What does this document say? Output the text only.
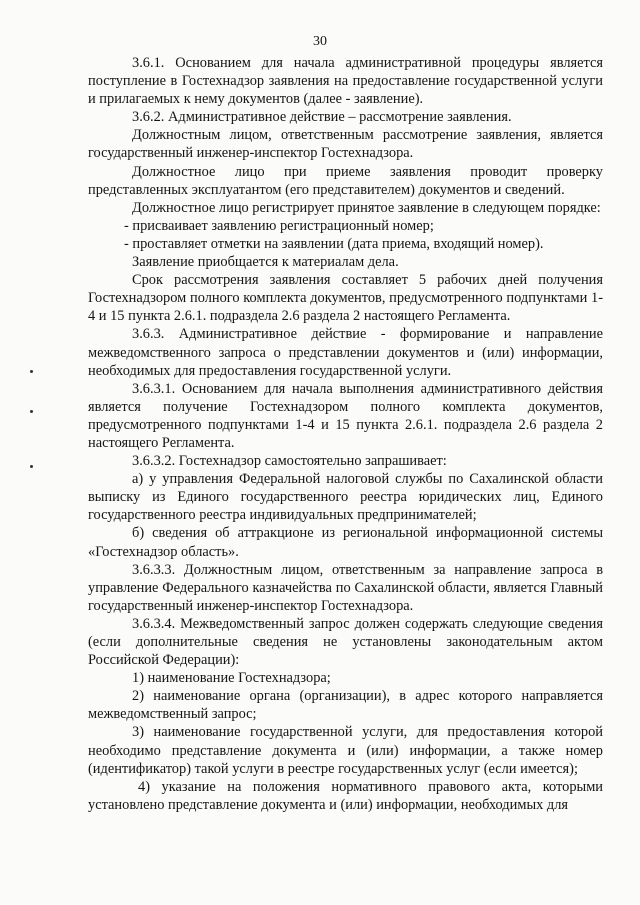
30

3.6.1. Основанием для начала административной процедуры является поступление в Гостехнадзор заявления на предоставление государственной услуги и прилагаемых к нему документов (далее - заявление).

3.6.2. Административное действие – рассмотрение заявления.

Должностным лицом, ответственным рассмотрение заявления, является государственный инженер-инспектор Гостехнадзора.

Должностное лицо при приеме заявления проводит проверку представленных эксплуатантом (его представителем) документов и сведений.

Должностное лицо регистрирует принятое заявление в следующем порядке:

- присваивает заявлению регистрационный номер;

- проставляет отметки на заявлении (дата приема, входящий номер).

Заявление приобщается к материалам дела.

Срок рассмотрения заявления составляет 5 рабочих дней получения Гостехнадзором полного комплекта документов, предусмотренного подпунктами 1-4 и 15 пункта 2.6.1. подраздела 2.6 раздела 2 настоящего Регламента.

3.6.3. Административное действие - формирование и направление межведомственного запроса о представлении документов и (или) информации, необходимых для предоставления государственной услуги.

3.6.3.1. Основанием для начала выполнения административного действия является получение Гостехнадзором полного комплекта документов, предусмотренного подпунктами 1-4 и 15 пункта 2.6.1. подраздела 2.6 раздела 2 настоящего Регламента.

3.6.3.2. Гостехнадзор самостоятельно запрашивает:

а) у управления Федеральной налоговой службы по Сахалинской области выписку из Единого государственного реестра юридических лиц, Единого государственного реестра индивидуальных предпринимателей;

б) сведения об аттракционе из региональной информационной системы «Гостехнадзор область».

3.6.3.3. Должностным лицом, ответственным за направление запроса в управление Федерального казначейства по Сахалинской области, является Главный государственный инженер-инспектор Гостехнадзора.

3.6.3.4. Межведомственный запрос должен содержать следующие сведения (если дополнительные сведения не установлены законодательным актом Российской Федерации):

1) наименование Гостехнадзора;

2) наименование органа (организации), в адрес которого направляется межведомственный запрос;

3) наименование государственной услуги, для предоставления которой необходимо представление документа и (или) информации, а также номер (идентификатор) такой услуги в реестре государственных услуг (если имеется);

4) указание на положения нормативного правового акта, которыми установлено представление документа и (или) информации, необходимых для
